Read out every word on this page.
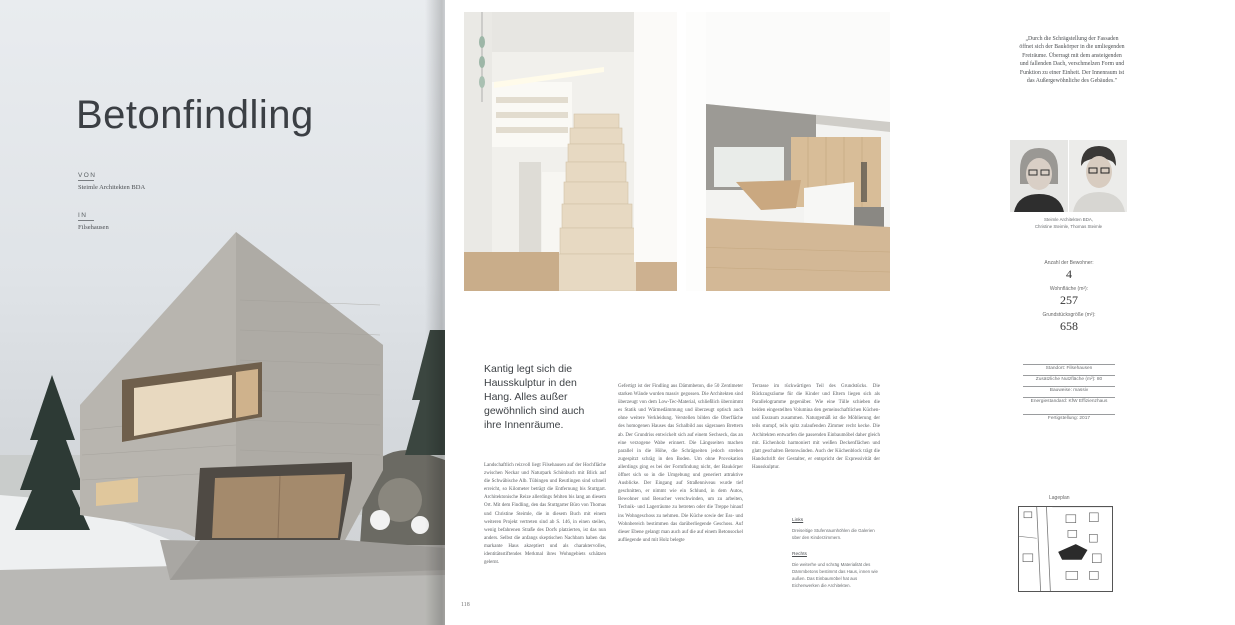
Betonfindling
VON
Steimle Architekten BDA
IN
Filsehausen
Kantig legt sich die Hausskulptur in den Hang. Alles außer gewöhnlich sind auch ihre Innenräume.
Landschaftlich reizvoll liegt Filsehausen auf der Hochfläche zwischen Neckar und Naturpark Schönbuch mit Blick auf die Schwäbische Alb. Tübingen und Reutlingen sind schnell erreicht, so Kilometer beträgt die Entfernung bis Stuttgart. Architektonische Reize allerdings fehlten bis lang an diesem Ort. Mit dem Findling, den das Stuttgarter Büro von Thomas und Christine Steimle, die in diesem Buch mit einem weiteren Projekt vertreten sind ab S. 146, in einen steilen, wenig befahrenen Straße des Dorfs platzierten, ist das nun anders. Selbst die anfangs skeptischen Nachbarn haben das markante Haus akzeptiert und als charaktervolles, identitätsstiftendes Merkmal ihres Wohngebiets schätzen gelernt.
Gefertigt ist der Findling aus Dämmbeton, die 50 Zentimeter starken Wände wurden massiv gegossen. Die Architekten sind überzeugt von dem Low-Tec-Material, schließlich übernimmt es Statik und Wärmedämmung und überzeugt optisch auch ohne weitere Verkleidung. Verstellen bilden die Oberfläche des homogenen Hauses das Schalbild aus sägerauen Brettern ab. Der Grundriss entwickelt sich auf einem Sechseck, das an eine verzogene Wabe erinnert. Die Längsseiten machen parallel in die Höhe, die Schrägseiten jedoch streben zugespitzt schräg in den Boden. Um ohne Provokation allerdings ging es bei der Formfindung nicht, der Baukörper öffnet sich so in die Umgebung und generiert attraktive Ausblicke. Der Eingang auf Straßenniveau wurde tief geschnitten, er nimmt wie ein Schlund, in dem Autos, Bewohner und Besucher verschwinden, um zu arbeiten, Technik- und Lagerräume zu betreten oder die Treppe hinauf ins Wohngeschoss zu nehmen. Die Küche sowie der Ess- und Wohnbereich bestimmen das darüberliegende Geschoss. Auf dieser Ebene gelangt man auch auf die auf einem Betonsockel aufliegende und mit Holz belegte
Terrasse im rückwärtigen Teil des Grundstücks. Die Rückzugsräume für die Kinder und Eltern liegen sich als Parallelogramme gegenüber. Wie eine Tülle schieben die beiden eingestellten Volumina den gemeinschaftlichen Küchen- und Essraum zusammen. Naturgemäß ist die Möblierung der teils stumpf, teils spitz zulaufenden Zimmer recht kecke. Die Architekten entwarfen die passenden Einbaumöbel daher gleich mit. Eichenholz harmoniert mit weißen Deckenflächen und glatt geschalten Betonwänden. Auch der Küchenblock trägt die Handschrift der Gestalter, er entspricht der Expressivität der Hausskulptur.
Links
Dreiseitige Stufenraumhöhlen die Galerien über den Kinderzimmern.
Rechts
Die weiterhe und schräg Materialität des Dämmbetons bestimmt das Haus, innen wie außen. Das Einbaumöbel hat aus Eichenwerken die Architekten.
118
„Durch die Schrägstellung der Fassaden öffnet sich der Baukörper in die umliegenden Freiräume. Überragt mit dem ansteigenden und fallenden Dach, verschmelzen Form und Funktion zu einer Einheit. Der Innenraum ist das Außergewöhnliche des Gebäudes."
Steimle Architekten BDA,
Christine Steimle, Thomas Steimle
Anzahl der Bewohner:
4
Wohnfläche (m²):
257
Grundstücksgröße (m²):
658
Standort: Filsehausen
Zusätzliche Nutzfläche (m²): 80
Bauweise: massiv
Energiestandard: KfW Effizienzhaus
Fertigstellung: 2017
Lageplan
